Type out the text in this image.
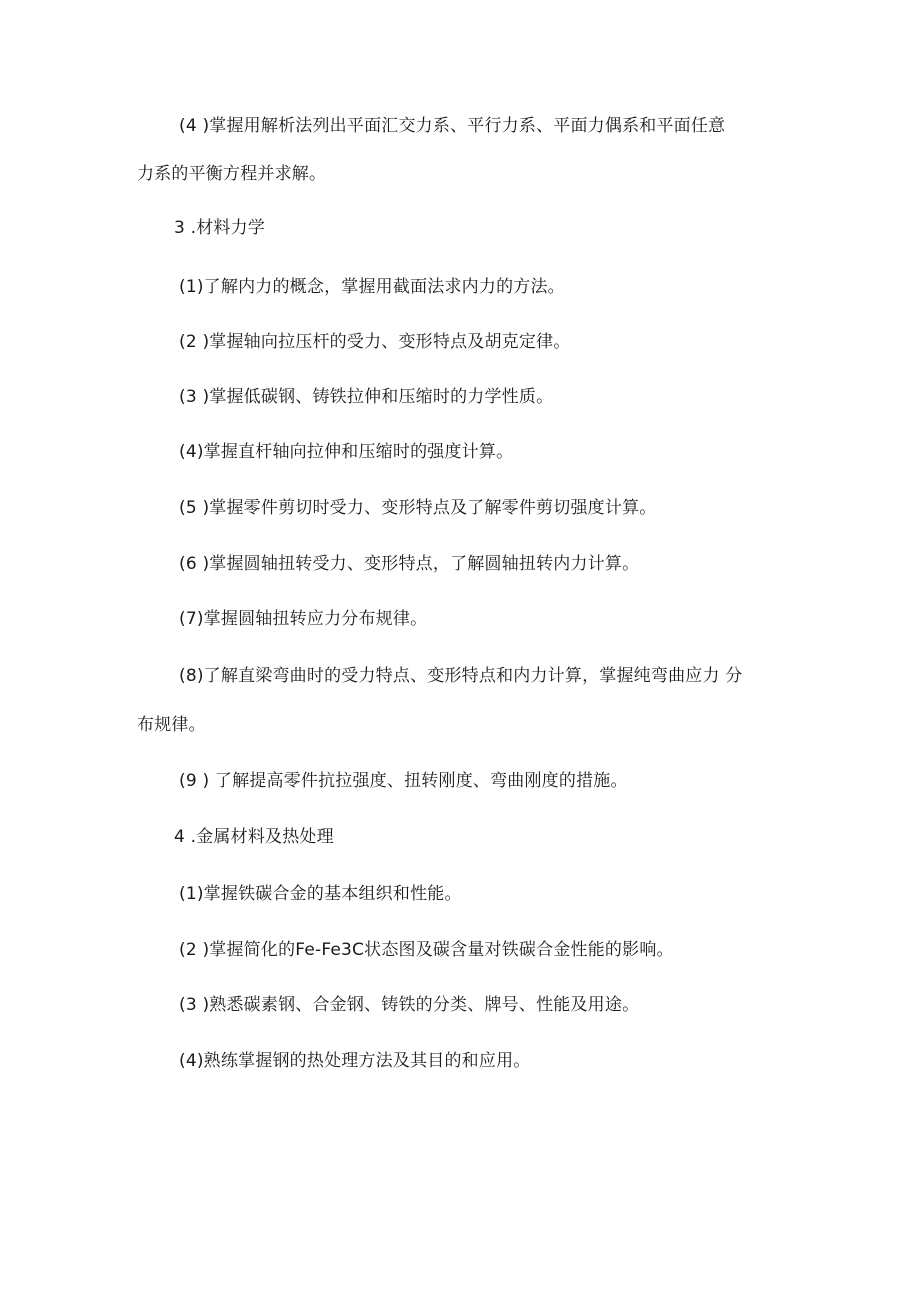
(4 )掌握用解析法列出平面汇交力系、平行力系、平面力偶系和平面任意
力系的平衡方程并求解。
3 .材料力学
(1)了解内力的概念，掌握用截面法求内力的方法。
(2 )掌握轴向拉压杆的受力、变形特点及胡克定律。
(3 )掌握低碳钢、铸铁拉伸和压缩时的力学性质。
(4)掌握直杆轴向拉伸和压缩时的强度计算。
(5 )掌握零件剪切时受力、变形特点及了解零件剪切强度计算。
(6 )掌握圆轴扭转受力、变形特点，了解圆轴扭转内力计算。
(7)掌握圆轴扭转应力分布规律。
(8)了解直梁弯曲时的受力特点、变形特点和内力计算，掌握纯弯曲应力 分
布规律。
(9 ) 了解提高零件抗拉强度、扭转刚度、弯曲刚度的措施。
4 .金属材料及热处理
(1)掌握铁碳合金的基本组织和性能。
(2 )掌握简化的Fe-Fe3C状态图及碳含量对铁碳合金性能的影响。
(3 )熟悉碳素钢、合金钢、铸铁的分类、牌号、性能及用途。
(4)熟练掌握钢的热处理方法及其目的和应用。
